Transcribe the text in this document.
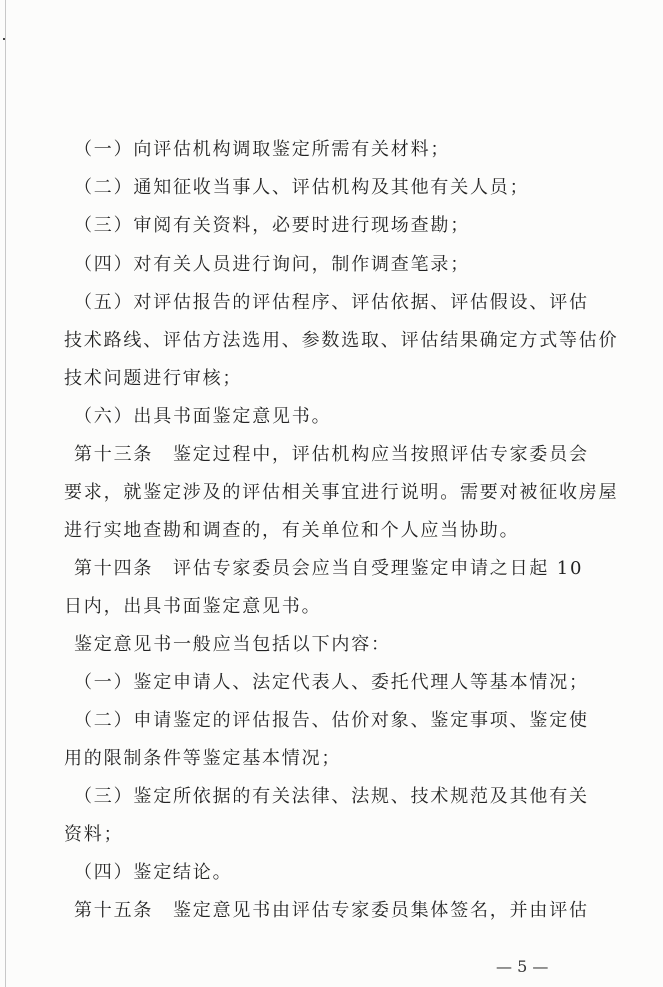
（一）向评估机构调取鉴定所需有关材料；
（二）通知征收当事人、评估机构及其他有关人员；
（三）审阅有关资料，必要时进行现场查勘；
（四）对有关人员进行询问，制作调查笔录；
（五）对评估报告的评估程序、评估依据、评估假设、评估
技术路线、评估方法选用、参数选取、评估结果确定方式等估价
技术问题进行审核；
（六）出具书面鉴定意见书。
第十三条　鉴定过程中，评估机构应当按照评估专家委员会
要求，就鉴定涉及的评估相关事宜进行说明。需要对被征收房屋
进行实地查勘和调查的，有关单位和个人应当协助。
第十四条　评估专家委员会应当自受理鉴定申请之日起 10
日内，出具书面鉴定意见书。
鉴定意见书一般应当包括以下内容：
（一）鉴定申请人、法定代表人、委托代理人等基本情况；
（二）申请鉴定的评估报告、估价对象、鉴定事项、鉴定使
用的限制条件等鉴定基本情况；
（三）鉴定所依据的有关法律、法规、技术规范及其他有关
资料；
（四）鉴定结论。
第十五条　鉴定意见书由评估专家委员集体签名，并由评估
— 5 —
